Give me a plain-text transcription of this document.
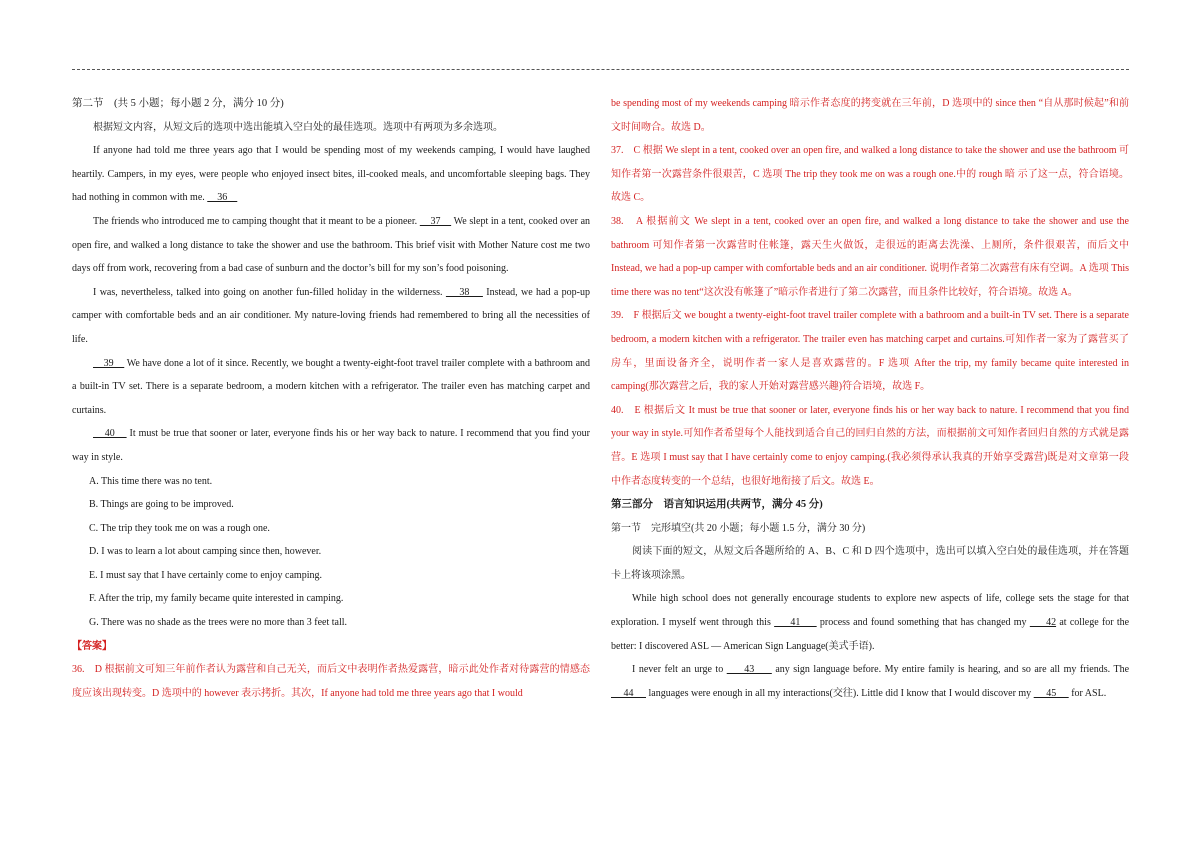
第二节　(共 5 小题；每小题 2 分，满分 10 分)

根据短文内容，从短文后的选项中选出能填入空白处的最佳选项。选项中有两项为多余选项。

If anyone had told me three years ago that I would be spending most of my weekends camping, I would have laughed heartily. Campers, in my eyes, were people who enjoyed insect bites, ill-cooked meals, and uncomfortable sleeping bags. They had nothing in common with me.     36

The friends who introduced me to camping thought that it meant to be a pioneer.     37     We slept in a tent, cooked over an open fire, and walked a long distance to take the shower and use the bathroom. This brief visit with Mother Nature cost me two days off from work, recovering from a bad case of sunburn and the doctor’s bill for my son’s food poisoning.

I was, nevertheless, talked into going on another fun-filled holiday in the wilderness.     38     Instead, we had a pop-up camper with comfortable beds and an air conditioner. My nature-loving friends had remembered to bring all the necessities of life.

39     We have done a lot of it since. Recently, we bought a twenty-eight-foot travel trailer complete with a bathroom and a built-in TV set. There is a separate bedroom, a modern kitchen with a refrigerator. The trailer even has matching carpet and curtains.

40     It must be true that sooner or later, everyone finds his or her way back to nature. I recommend that you find your way in style.

A. This time there was no tent.

B. Things are going to be improved.

C. The trip they took me on was a rough one.

D. I was to learn a lot about camping since then, however.

E. I must say that I have certainly come to enjoy camping.

F. After the trip, my family became quite interested in camping.

G. There was no shade as the trees were no more than 3 feet tall.

【答案】

36.　D 根据前文可知三年前作者认为露营和自己无关，而后文中表明作者热爱露营，暗示此处作者对待露营的情感态度应该出现转变。D 选项中的 however 表示拷折。其次，If anyone had told me three years ago that I would

be spending most of my weekends camping 暗示作者态度的拷变就在三年前，D 选项中的 since then “自从那时候起”和前文时间吻合。故选 D。

37.　C 根据 We slept in a tent, cooked over an open fire, and walked a long distance to take the shower and use the bathroom 可知作者第一次露营条件很艰苦，C 选项 The trip they took me on was a rough one.中的 rough 暗 示了这一点，符合语境。故选 C。

38.　A 根据前文 We slept in a tent, cooked over an open fire, and walked a long distance to take the shower and use the bathroom 可知作者第一次露营时住帐篷，露天生火做饭，走很远的距离去洗澡、上厕所，条件很艰苦，而后文中 Instead, we had a pop-up camper with comfortable beds and an air conditioner. 说明作者第二次露营有床有空调。A 选项 This time there was no tent“这次没有帐篷了”暗示作者进行了第二次露营，而且条件比较好，符合语境。故选 A。

39.　F 根据后文 we bought a twenty-eight-foot travel trailer complete with a bathroom and a built-in TV set. There is a separate bedroom, a modern kitchen with a refrigerator. The trailer even has matching carpet and curtains.可知作者一家为了露营买了房车，里面设备齐全，说明作者一家人是喜欢露营的。F 选项 After the trip, my family became quite interested in camping(那次露营之后，我的家人开始对露营感兴趣)符合语境，故选 F。

40.　E 根据后文 It must be true that sooner or later, everyone finds his or her way back to nature. I recommend that you find your way in style.可知作者希望每个人能找到适合自己的回归自然的方法，而根据前文可知作者回归自然的方式就是露营。E 选项 I must say that I have certainly come to enjoy camping.(我必须得承认我真的开始享受露营)既是对文章第一段中作者态度转变的一个总结，也很好地衔接了后文。故选 E。

第三部分　语言知识运用(共两节，满分 45 分)

第一节　完形填空(共 20 小题；每小题 1.5 分，满分 30 分)

阅读下面的短文，从短文后各题所给的 A、B、C 和 D 四个选项中，选出可以填入空白处的最佳选项，并在答题卡上将该项涂黑。

While high school does not generally encourage students to explore new aspects of life, college sets the stage for that exploration. I myself went through this      41      process and found something that has changed my      42 at college for the better: I discovered ASL — American Sign Language(美式手语).

I never felt an urge to      43      any sign language before. My entire family is hearing, and so are all my friends. The      44      languages were enough in all my interactions(交往). Little did I know that I would discover my      45      for ASL.
